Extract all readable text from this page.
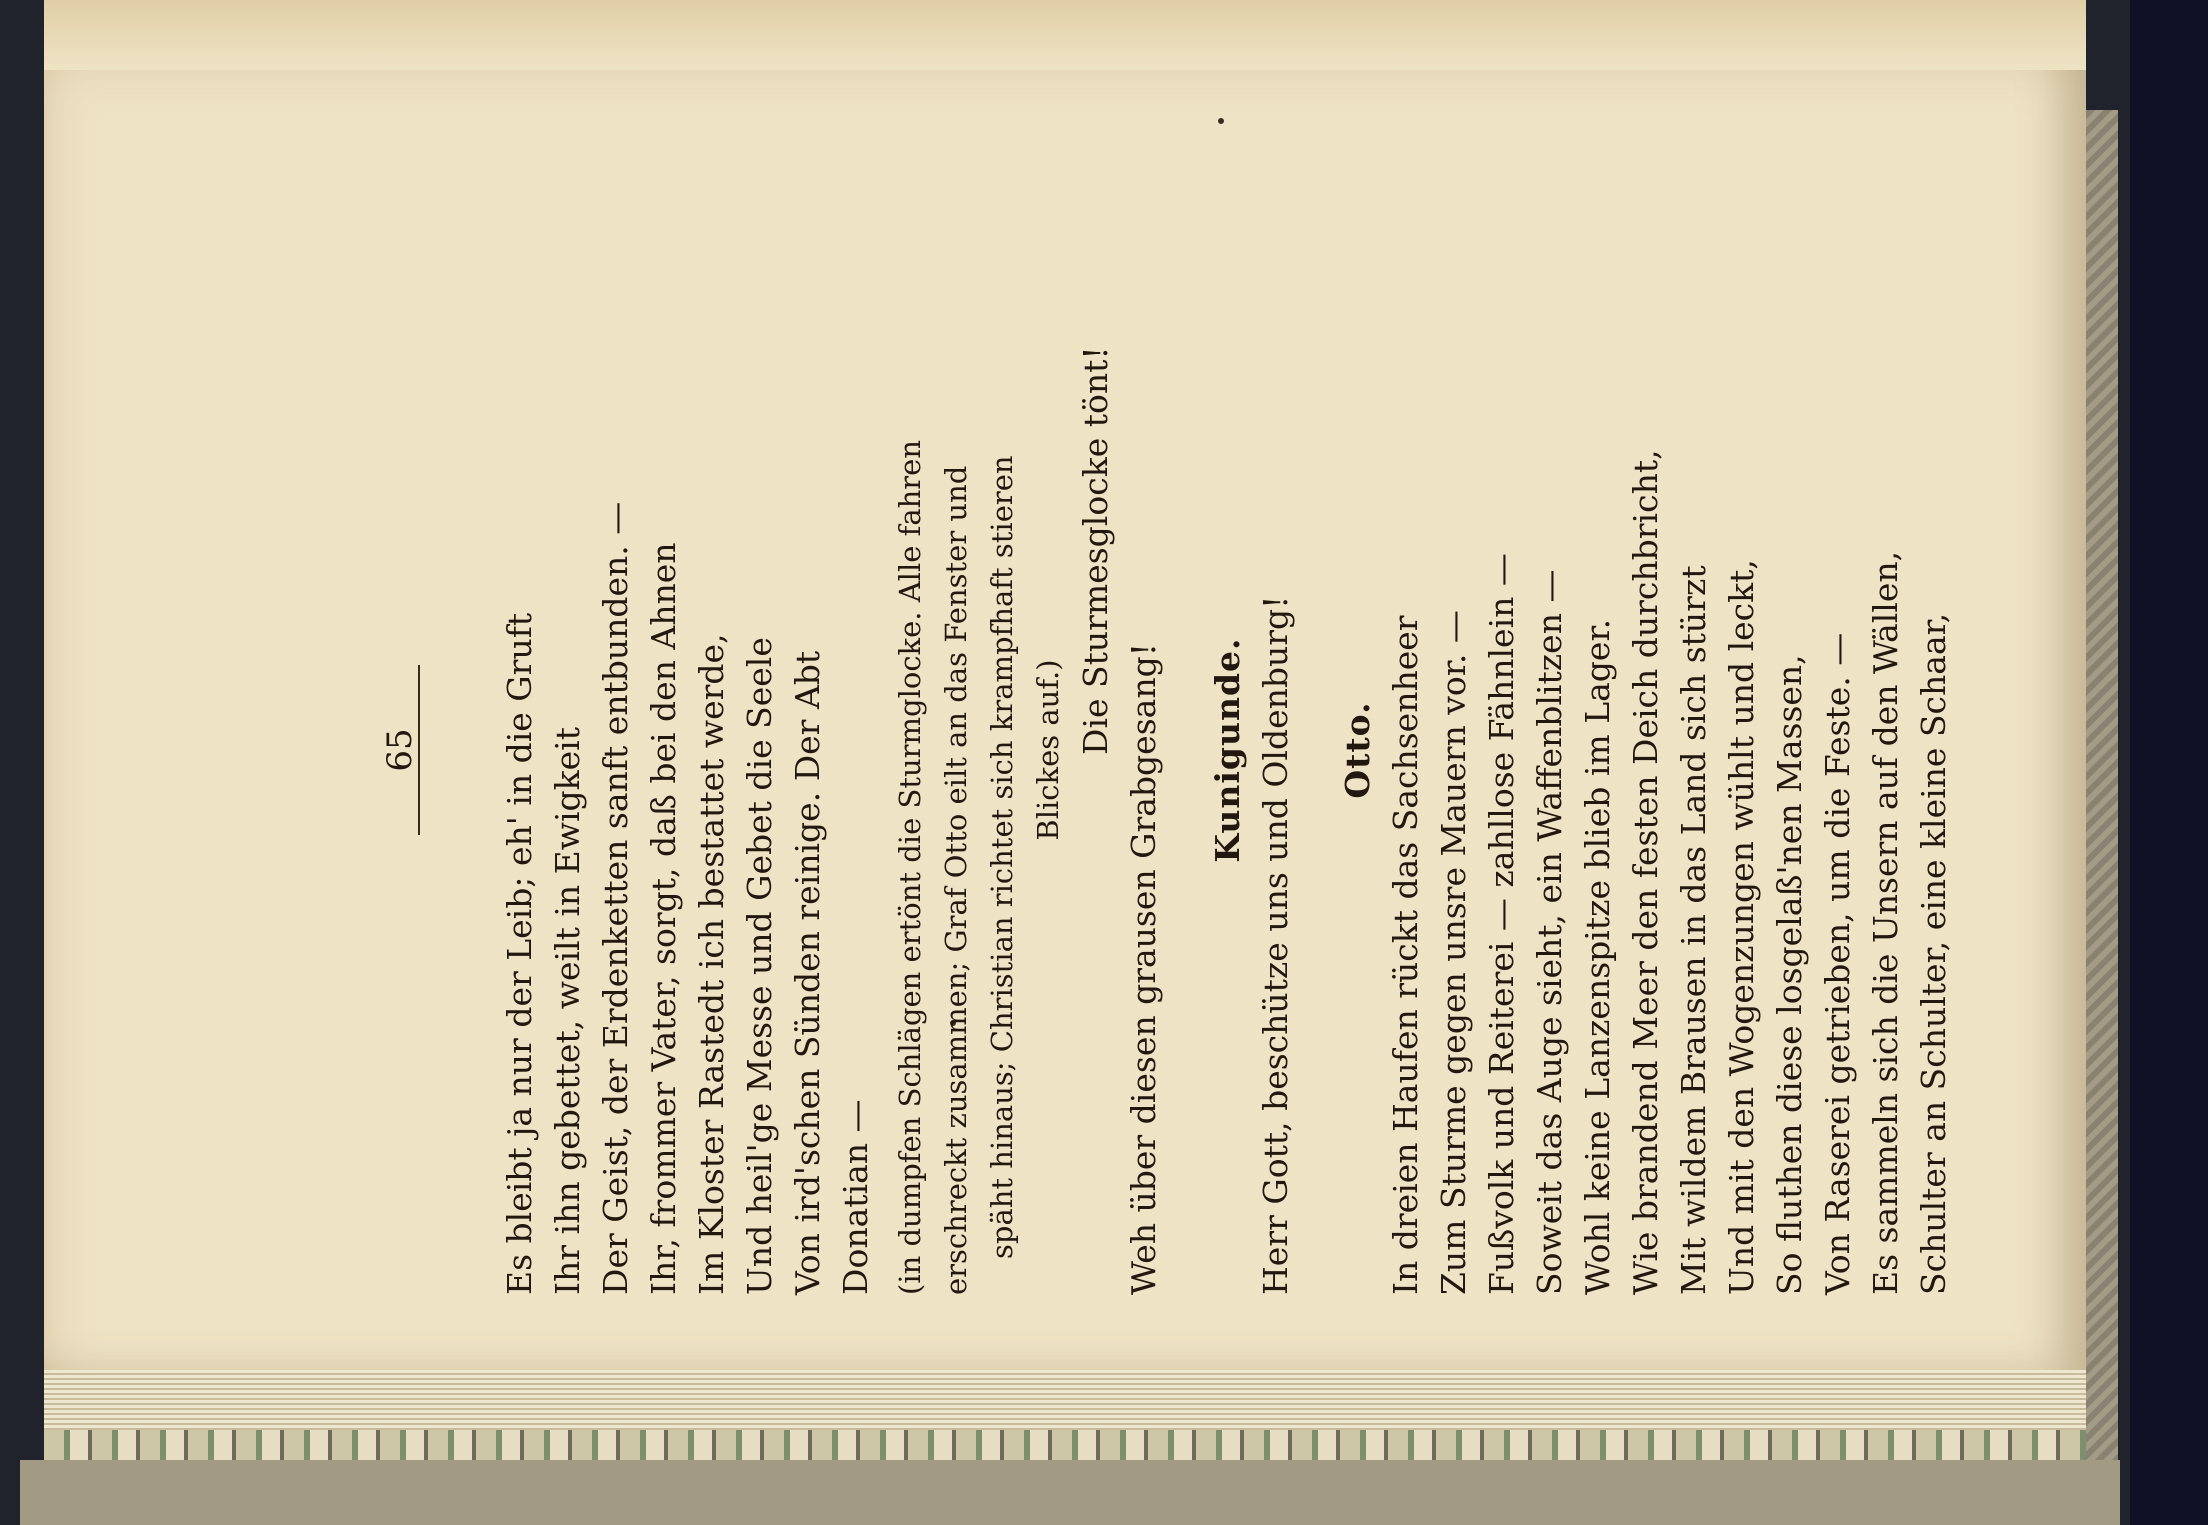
65 Es bleibt ja nur der Leib; eh' in die Gruft Ihr ihn gebettet, weilt in Ewigkeit Der Geist, der Erdenketten sanft entbunden. — Ihr, frommer Vater, sorgt, daß bei den Ahnen Im Kloster Rastedt ich bestattet werde, Und heil'ge Messe und Gebet die Seele Von ird'schen Sünden reinige. Der Abt Donatian — (in dumpfen Schlägen ertönt die Sturmglocke. Alle fahren erschreckt zusammen; Graf Otto eilt an das Fenster und späht hinaus; Christian richtet sich krampfhaft stieren Blickes auf.) Die Sturmesglocke tönt!
Weh über diesen grausen Grabgesang! Kunigunde. Herr Gott, beschütze uns und Oldenburg! Otto. In dreien Haufen rückt das Sachsenheer Zum Sturme gegen unsre Mauern vor. — Fußvolk und Reiterei — zahllose Fähnlein — Soweit das Auge sieht, ein Waffenblitzen — Wohl keine Lanzenspitze blieb im Lager. Wie brandend Meer den festen Deich durchbricht, Mit wildem Brausen in das Land sich stürzt Und mit den Wogenzungen wühlt und leckt, So fluthen diese losgelaß'nen Massen, Von Raserei getrieben, um die Feste. — Es sammeln sich die Unsern auf den Wällen, Schulter an Schulter, eine kleine Schaar,
